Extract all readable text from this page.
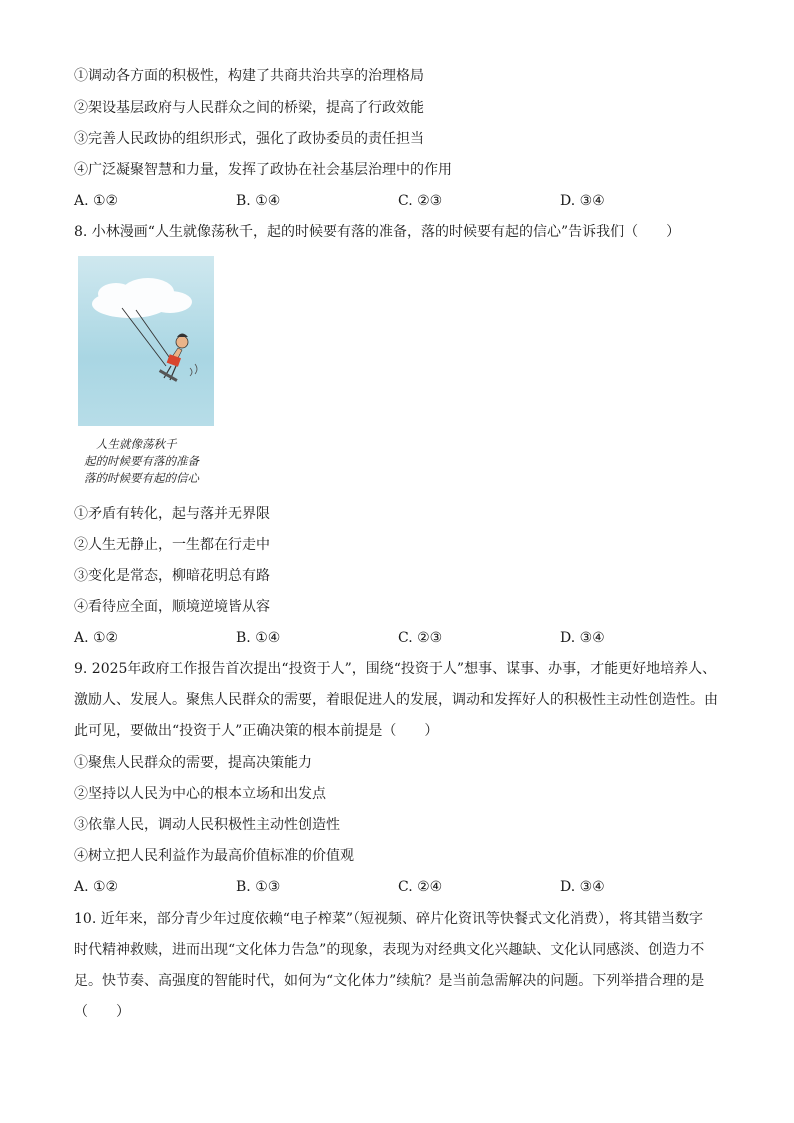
①调动各方面的积极性，构建了共商共治共享的治理格局
②架设基层政府与人民群众之间的桥梁，提高了行政效能
③完善人民政协的组织形式，强化了政协委员的责任担当
④广泛凝聚智慧和力量，发挥了政协在社会基层治理中的作用
A. ①②	B. ①④	C. ②③	D. ③④
8. 小林漫画“人生就像荡秋千，起的时候要有落的准备，落的时候要有起的信心”告诉我们（　　）
人生就像荡秋千
起的时候要有落的准备
落的时候要有起的信心
①矛盾有转化，起与落并无界限
②人生无静止，一生都在行走中
③变化是常态，柳暗花明总有路
④看待应全面，顺境逆境皆从容
A. ①②	B. ①④	C. ②③	D. ③④
9. 2025年政府工作报告首次提出“投资于人”，围绕“投资于人”想事、谋事、办事，才能更好地培养人、
激励人、发展人。聚焦人民群众的需要，着眼促进人的发展，调动和发挥好人的积极性主动性创造性。由
此可见，要做出“投资于人”正确决策的根本前提是（　　）
①聚焦人民群众的需要，提高决策能力
②坚持以人民为中心的根本立场和出发点
③依靠人民，调动人民积极性主动性创造性
④树立把人民利益作为最高价值标准的价值观
A. ①②	B. ①③	C. ②④	D. ③④
10. 近年来，部分青少年过度依赖“电子榨菜”（短视频、碎片化资讯等快餐式文化消费），将其错当数字
时代精神救赎，进而出现“文化体力告急”的现象，表现为对经典文化兴趣缺、文化认同感淡、创造力不
足。快节奏、高强度的智能时代，如何为“文化体力”续航？是当前急需解决的问题。下列举措合理的是
（　　）
